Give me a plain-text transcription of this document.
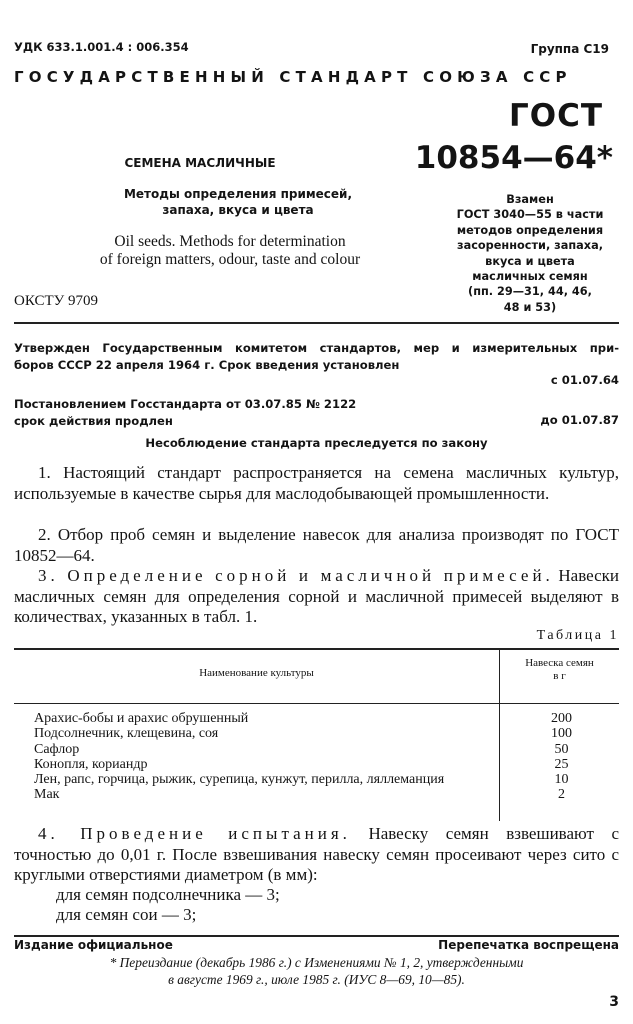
УДК 633.1.001.4 : 006.354	Группа С19
ГОСУДАРСТВЕННЫЙ СТАНДАРТ СОЮЗА ССР
ГОСТ
10854—64*
СЕМЕНА МАСЛИЧНЫЕ
Методы определения примесей,
запаха, вкуса и цвета
Oil seeds. Methods for determination
of foreign matters, odour, taste and colour
Взамен
ГОСТ 3040—55 в части
методов определения
засоренности, запаха,
вкуса и цвета
масличных семян
(пп. 29—31, 44, 46,
48 и 53)
ОКСТУ 9709
Утвержден Государственным комитетом стандартов, мер и измерительных при-
боров СССР 22 апреля 1964 г. Срок введения установлен
с 01.07.64
Постановлением Госстандарта от 03.07.85 № 2122
срок действия продлен	до 01.07.87
Несоблюдение стандарта преследуется по закону
1. Настоящий стандарт распространяется на семена масличных культур, используемые в качестве сырья для маслодобывающей промышленности.
2. Отбор проб семян и выделение навесок для анализа производят по ГОСТ 10852—64.
3. Определение сорной и масличной примесей. Навески масличных семян для определения сорной и масличной примесей выделяют в количествах, указанных в табл. 1.
Таблица 1
Наименование культуры
Навеска семян
в г
Арахис-бобы и арахис обрушенный	200
Подсолнечник, клещевина, соя	100
Сафлор	50
Конопля, кориандр	25
Лен, рапс, горчица, рыжик, сурепица, кунжут, перилла, ляллеманция	10
Мак	2
4. Проведение испытания. Навеску семян взвешивают с точностью до 0,01 г. После взвешивания навеску семян просеивают через сито с круглыми отверстиями диаметром (в мм):
для семян подсолнечника — 3;
для семян сои — 3;
Издание официальное	Перепечатка воспрещена
* Переиздание (декабрь 1986 г.) с Изменениями № 1, 2, утвержденными
в августе 1969 г., июле 1985 г. (ИУС 8—69, 10—85).
3
